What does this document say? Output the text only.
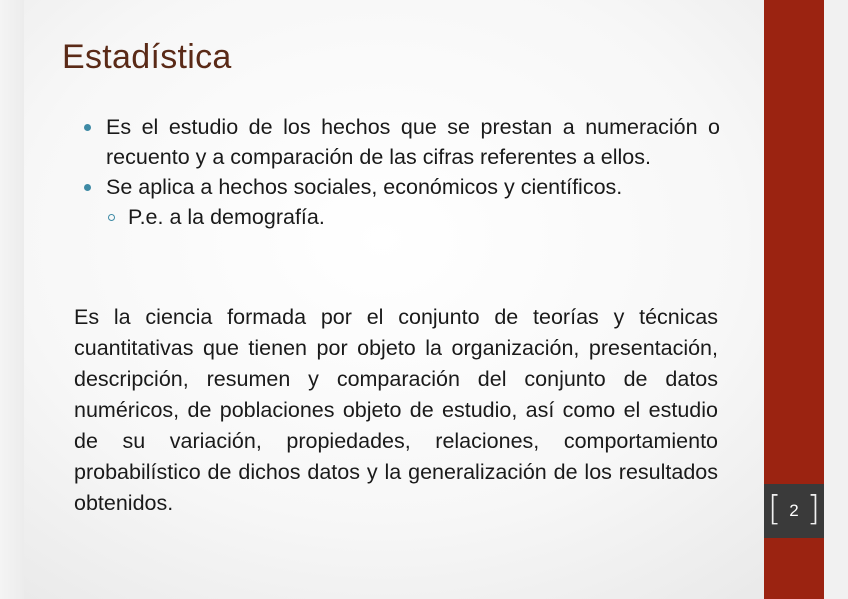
Estadística
Es el estudio de los hechos que se prestan a numeración o recuento y a comparación de las cifras referentes a ellos.
Se aplica a hechos sociales, económicos y científicos.
P.e. a la demografía.

Es la ciencia formada por el conjunto de teorías y técnicas cuantitativas que tienen por objeto la organización, presentación, descripción, resumen y comparación del conjunto de datos numéricos, de poblaciones objeto de estudio, así como el estudio de su variación, propiedades, relaciones, comportamiento probabilístico de dichos datos y la generalización de los resultados obtenidos.	[ 2 ]
